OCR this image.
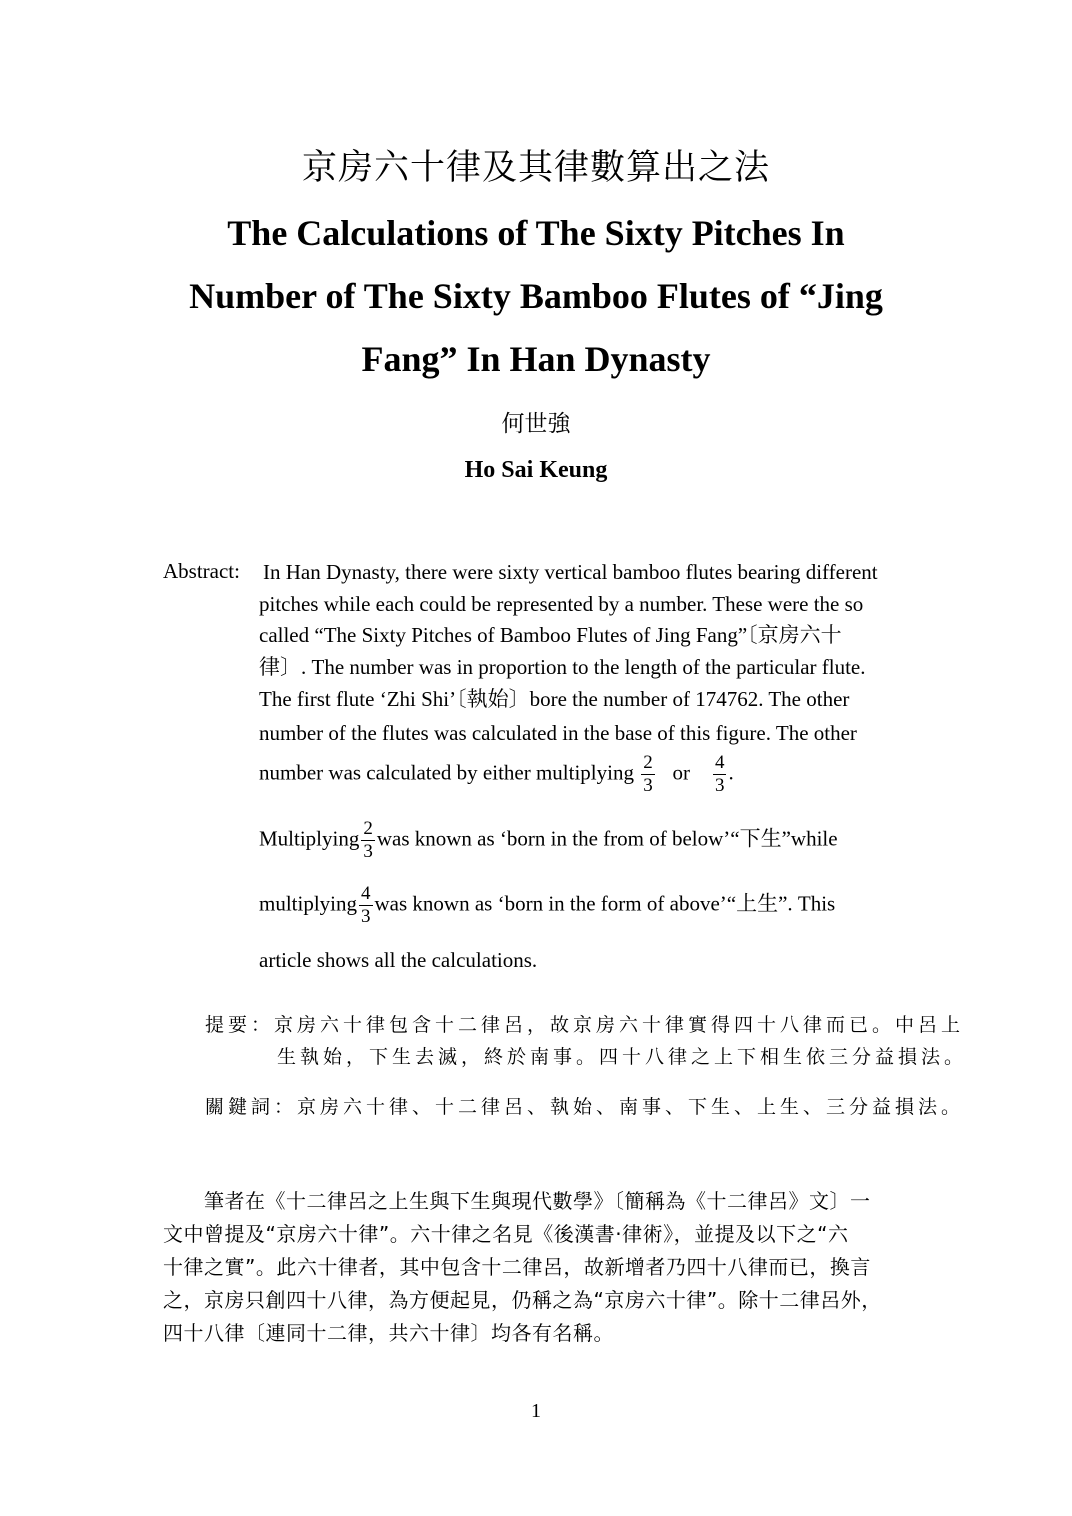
京房六十律及其律數算出之法
The Calculations of The Sixty Pitches In
Number of The Sixty Bamboo Flutes of “Jing
Fang” In Han Dynasty
何世強
Ho Sai Keung
Abstract: In Han Dynasty, there were sixty vertical bamboo flutes bearing different
pitches while each could be represented by a number. These were the so
called “The Sixty Pitches of Bamboo Flutes of Jing Fang”〔京房六十
律〕. The number was in proportion to the length of the particular flute.
The first flute ‘Zhi Shi’〔執始〕bore the number of 174762. The other
number of the flutes was calculated in the base of this figure. The other
number was calculated by either multiplying $\frac{2}{3}$ or $\frac{4}{3}$ .
Multiplying $\frac{2}{3}$ was known as ‘born in the from of below’“下生”while
multiplying $\frac{4}{3}$ was known as ‘born in the form of above’“上生”. This
article shows all the calculations.
提要：京房六十律包含十二律呂，故京房六十律實得四十八律而已。中呂上
生執始，下生去滅，終於南事。四十八律之上下相生依三分益損法。
關鍵詞：京房六十律、十二律呂、執始、南事、下生、上生、三分益損法。
　　筆者在《十二律呂之上生與下生與現代數學》〔簡稱為《十二律呂》文〕一
文中曾提及“京房六十律”。六十律之名見《後漢書‧律術》，並提及以下之“六
十律之實”。此六十律者，其中包含十二律呂，故新增者乃四十八律而已，換言
之，京房只創四十八律，為方便起見，仍稱之為“京房六十律”。除十二律呂外，
四十八律〔連同十二律，共六十律〕均各有名稱。
1
